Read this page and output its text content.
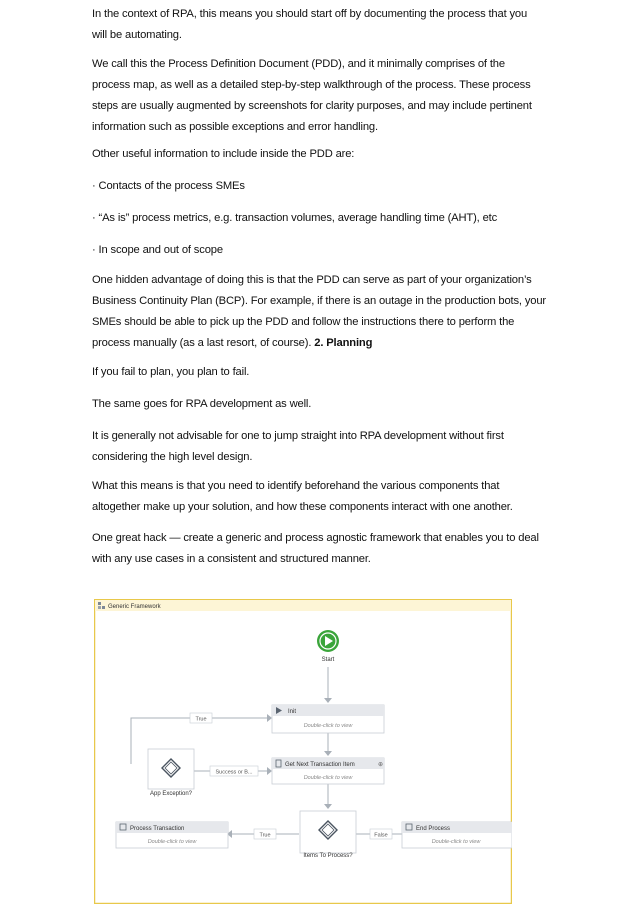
In the context of RPA, this means you should start off by documenting the process that you
will be automating.

We call this the Process Definition Document (PDD), and it minimally comprises of the
process map, as well as a detailed step-by-step walkthrough of the process. These process
steps are usually augmented by screenshots for clarity purposes, and may include pertinent
information such as possible exceptions and error handling.

Other useful information to include inside the PDD are:

· Contacts of the process SMEs

· “As is” process metrics, e.g. transaction volumes, average handling time (AHT), etc

· In scope and out of scope

One hidden advantage of doing this is that the PDD can serve as part of your organization’s
Business Continuity Plan (BCP). For example, if there is an outage in the production bots, your
SMEs should be able to pick up the PDD and follow the instructions there to perform the
process manually (as a last resort, of course). 2. Planning

If you fail to plan, you plan to fail.

The same goes for RPA development as well.

It is generally not advisable for one to jump straight into RPA development without first
considering the high level design.

What this means is that you need to identify beforehand the various components that
altogether make up your solution, and how these components interact with one another.

One great hack — create a generic and process agnostic framework that enables you to deal
with any use cases in a consistent and structured manner.

Generic Framework
Start
True
Success or B...
True	False
Init
Double-click to view
Get Next Transaction Item	⊕
Double-click to view
App Exception?
Items To Process?
Process Transaction
Double-click to view
End Process
Double-click to view
